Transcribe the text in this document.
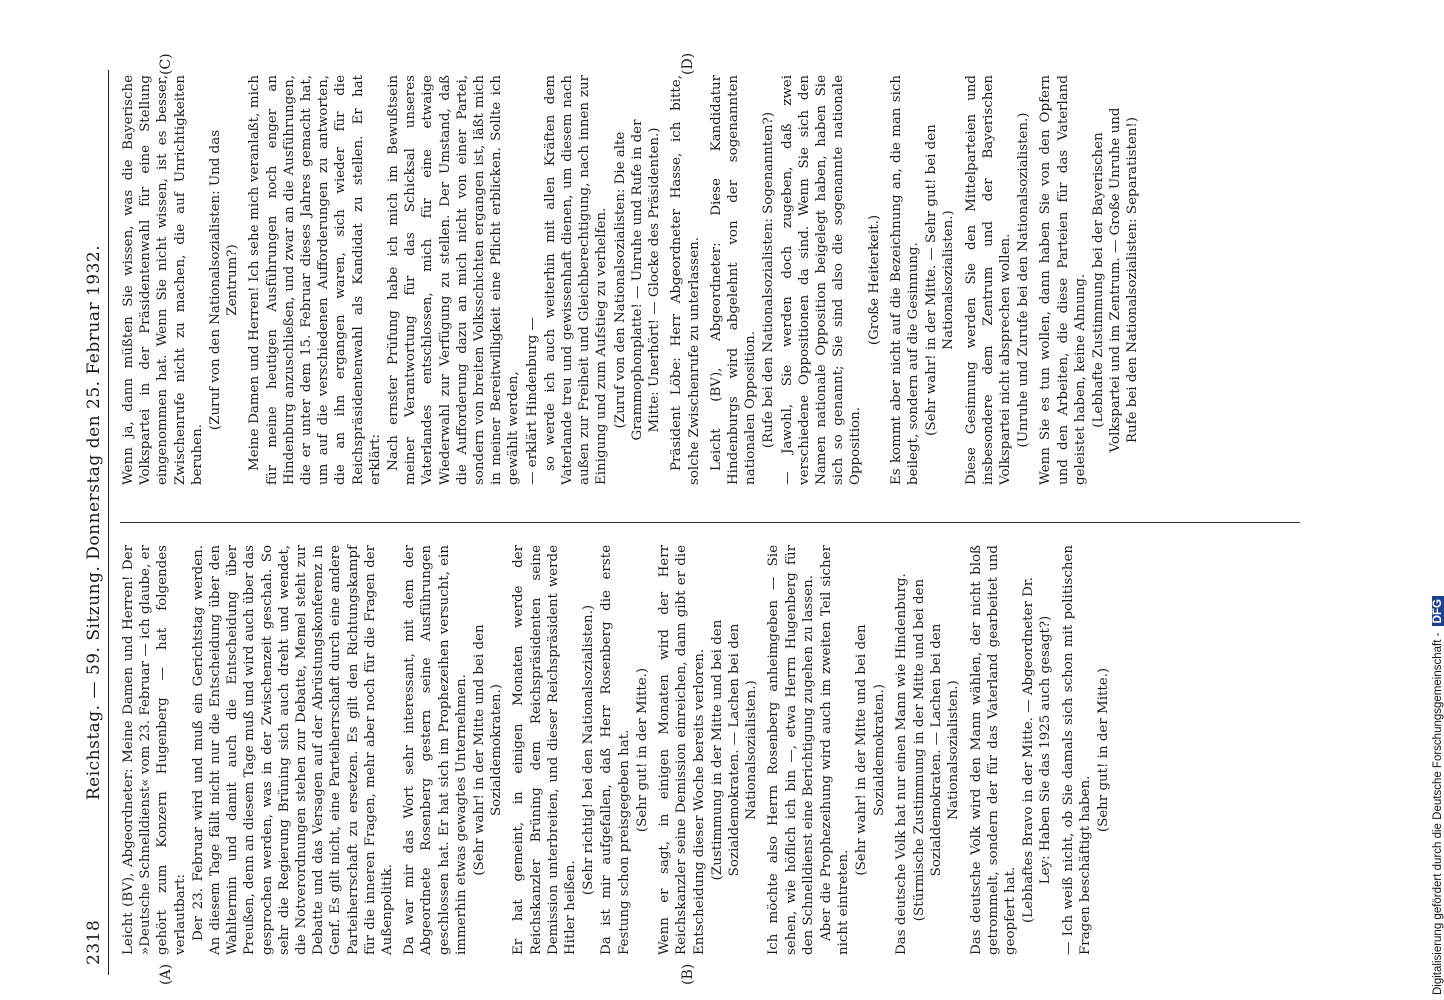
2318
Reichstag. — 59. Sitzung. Donnerstag den 25. Februar 1932.
(A)	(B)
(C)	(D)

Leicht (BV), Abgeordneter: Meine Damen und Herren! Der »Deutsche Schnelldienst« vom 23. Februar — ich glaube, er gehört zum Konzern Hugenberg — hat folgendes verlautbart: Der 23. Februar wird und muß ein Gerichtstag werden. An diesem Tage fällt nicht nur die Entscheidung über den Wahltermin und damit auch die Entscheidung über Preußen, denn an diesem Tage muß und wird auch über das gesprochen werden, was in der Zwischenzeit geschah. So sehr die Regierung Brüning sich auch dreht und wendet, die Notverordnungen stehen zur Debatte, Memel steht zur Debatte und das Versagen auf der Abrüstungskonferenz in Genf. Es gilt nicht, eine Parteiherrschaft durch eine andere Parteiherrschaft zu ersetzen. Es gilt den Richtungskampf für die inneren Fragen, mehr aber noch für die Fragen der Außenpolitik. Da war mir das Wort sehr interessant, mit dem der Abgeordnete Rosenberg gestern seine Ausführungen geschlossen hat. Er hat sich im Prophezeihen versucht, ein immerhin etwas gewagtes Unternehmen. (Sehr wahr! in der Mitte und bei den Sozialdemokraten.) Er hat gemeint, in einigen Monaten werde der Reichskanzler Brüning dem Reichspräsidenten seine Demission unterbreiten, und dieser Reichspräsident werde Hitler heißen.

(Sehr richtig! bei den Nationalsozialisten.) Da ist mir aufgefallen, daß Herr Rosenberg die erste Festung schon preisgegeben hat. (Sehr gut! in der Mitte.) Wenn er sagt, in einigen Monaten wird der Herr Reichskanzler seine Demission einreichen, dann gibt er die Entscheidung dieser Woche bereits verloren. (Zustimmung in der Mitte und bei den Sozialdemokraten. — Lachen bei den Nationalsozialisten.) Ich möchte also Herrn Rosenberg anheimgeben — Sie sehen, wie höflich ich bin —, etwa Herrn Hugenberg für den Schnelldienst eine Berichtigung zugehen zu lassen. Aber die Prophezeihung wird auch im zweiten Teil sicher nicht eintreten.

(Sehr wahr! in der Mitte und bei den Sozialdemokraten.) Das deutsche Volk hat nur einen Mann wie Hindenburg. (Stürmische Zustimmung in der Mitte und bei den Sozialdemokraten. — Lachen bei den Nationalsozialisten.) Das deutsche Volk wird den Mann wählen, der nicht bloß getrommelt, sondern der für das Vaterland gearbeitet und geopfert hat. (Lebhaftes Bravo in der Mitte. — Abgeordneter Dr. Ley: Haben Sie das 1925 auch gesagt?) — Ich weiß nicht, ob Sie damals sich schon mit politischen Fragen beschäftigt haben.

(Sehr gut! in der Mitte.)

Wenn ja, dann müßten Sie wissen, was die Bayerische Volkspartei in der Präsidentenwahl für eine Stellung eingenommen hat. Wenn Sie nicht wissen, ist es besser, Zwischenrufe nicht zu machen, die auf Unrichtigkeiten beruhen.

(Zuruf von den Nationalsozialisten: Und das Zentrum?) Meine Damen und Herren! Ich sehe mich veranlaßt, mich für meine heutigen Ausführungen noch enger an Hindenburg anzuschließen, und zwar an die Ausführungen, die er unter dem 15. Februar dieses Jahres gemacht hat, um auf die verschiedenen Aufforderungen zu antworten, die an ihn ergangen waren, sich wieder für die Reichspräsidentenwahl als Kandidat zu stellen. Er hat erklärt: Nach ernster Prüfung habe ich mich im Bewußtsein meiner Verantwortung für das Schicksal unseres Vaterlandes entschlossen, mich für eine etwaige Wiederwahl zur Verfügung zu stellen. Der Umstand, daß die Aufforderung dazu an mich nicht von einer Partei, sondern von breiten Volksschichten ergangen ist, läßt mich in meiner Bereitwilligkeit eine Pflicht erblicken. Sollte ich gewählt werden, — erklärt Hindenburg — so werde ich auch weiterhin mit allen Kräften dem Vaterlande treu und gewissenhaft dienen, um diesem nach außen zur Freiheit und Gleichberechtigung, nach innen zur Einigung und zum Aufstieg zu verhelfen. (Zuruf von den Nationalsozialisten: Die alte Grammophonplatte! — Unruhe und Rufe in der Mitte: Unerhört! — Glocke des Präsidenten.) Präsident Löbe: Herr Abgeordneter Hasse, ich bitte, solche Zwischenrufe zu unterlassen. Leicht (BV), Abgeordneter: Diese Kandidatur Hindenburgs wird abgelehnt von der sogenannten nationalen Opposition. (Rufe bei den Nationalsozialisten: Sogenannten?) — Jawohl, Sie werden doch zugeben, daß zwei verschiedene Oppositionen da sind. Wenn Sie sich den Namen nationale Opposition beigelegt haben, haben Sie sich so genannt; Sie sind also die sogenannte nationale Opposition.

(Große Heiterkeit.) Es kommt aber nicht auf die Bezeichnung an, die man sich beilegt, sondern auf die Gesinnung. (Sehr wahr! in der Mitte. — Sehr gut! bei den Nationalsozialisten.) Diese Gesinnung werden Sie den Mittelparteien und insbesondere dem Zentrum und der Bayerischen Volkspartei nicht absprechen wollen. (Unruhe und Zurufe bei den Nationalsozialisten.) Wenn Sie es tun wollen, dann haben Sie von den Opfern und den Arbeiten, die diese Parteien für das Vaterland geleistet haben, keine Ahnung. (Lebhafte Zustimmung bei der Bayerischen Volkspartei und im Zentrum. — Große Unruhe und Rufe bei den Nationalsozialisten: Separatisten!)

Digitalisierung gefördert durch die Deutsche Forschungsgemeinschaft - DFG
